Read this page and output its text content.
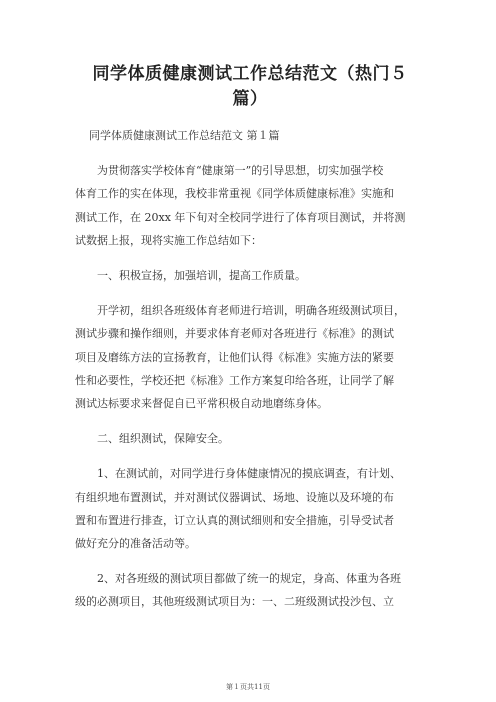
同学体质健康测试工作总结范文（热门５
篇）

同学体质健康测试工作总结范文 第１篇

为贯彻落实学校体育“健康第一”的引导思想，切实加强学校

体育工作的实在体现，我校非常重视《同学体质健康标准》实施和

测试工作，在 20xx 年下旬对全校同学进行了体育项目测试，并将测

试数据上报，现将实施工作总结如下：

一、积极宣扬，加强培训，提高工作质量。

开学初，组织各班级体育老师进行培训，明确各班级测试项目，

测试步骤和操作细则，并要求体育老师对各班进行《标准》的测试

项目及磨练方法的宣扬教育，让他们认得《标准》实施方法的紧要

性和必要性，学校还把《标准》工作方案复印给各班，让同学了解

测试达标要求来督促自已平常积极自动地磨练身体。

二、组织测试，保障安全。

1、在测试前，对同学进行身体健康情况的摸底调查，有计划、

有组织地布置测试，并对测试仪器调试、场地、设施以及环境的布

置和布置进行排查，订立认真的测试细则和安全措施，引导受试者

做好充分的准备活动等。

2、对各班级的测试项目都做了统一的规定，身高、体重为各班

级的必测项目，其他班级测试项目为：一、二班级测试投沙包、立

第１页共11页
